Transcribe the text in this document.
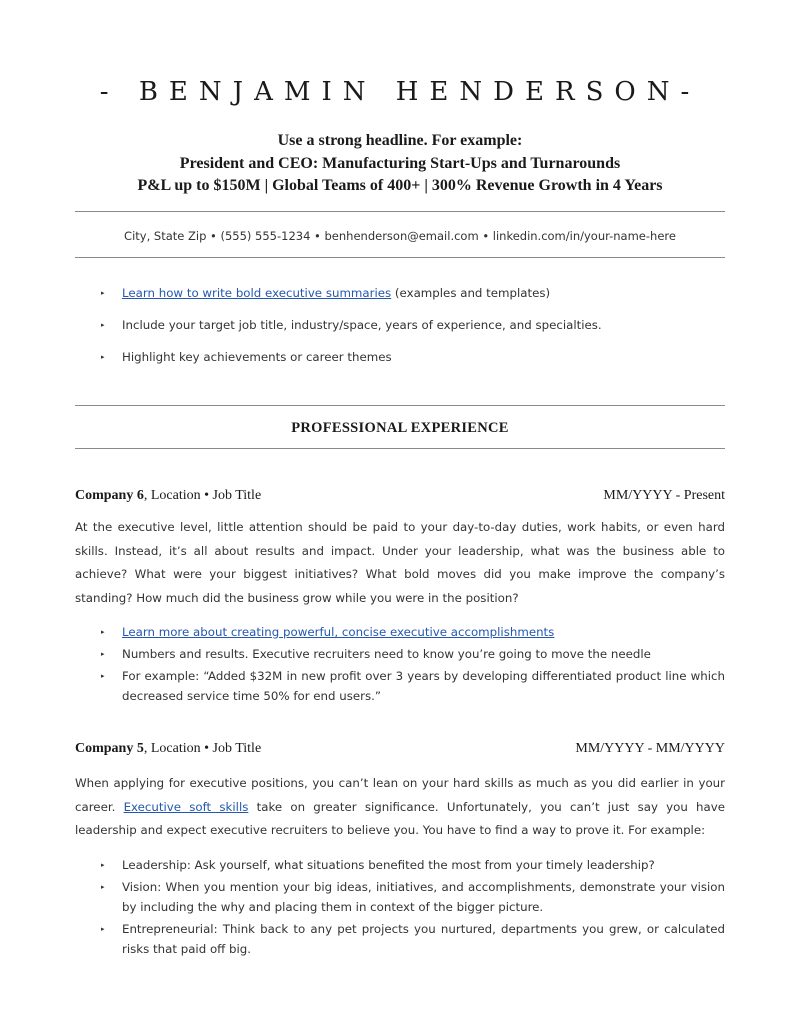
- BENJAMIN HENDERSON-
Use a strong headline. For example:
President and CEO: Manufacturing Start-Ups and Turnarounds
P&L up to $150M | Global Teams of 400+ | 300% Revenue Growth in 4 Years
City, State Zip • (555) 555-1234 • benhenderson@email.com • linkedin.com/in/your-name-here
▸ Learn how to write bold executive summaries (examples and templates)
▸ Include your target job title, industry/space, years of experience, and specialties.
▸ Highlight key achievements or career themes
PROFESSIONAL EXPERIENCE
Company 6, Location • Job Title	MM/YYYY - Present

At the executive level, little attention should be paid to your day-to-day duties, work habits, or even hard skills. Instead, it’s all about results and impact. Under your leadership, what was the business able to achieve? What were your biggest initiatives? What bold moves did you make improve the company’s standing? How much did the business grow while you were in the position?

▸ Learn more about creating powerful, concise executive accomplishments
▸ Numbers and results. Executive recruiters need to know you’re going to move the needle
▸ For example: “Added $32M in new profit over 3 years by developing differentiated product line which decreased service time 50% for end users.”
Company 5, Location • Job Title	MM/YYYY - MM/YYYY

When applying for executive positions, you can’t lean on your hard skills as much as you did earlier in your career. Executive soft skills take on greater significance. Unfortunately, you can’t just say you have leadership and expect executive recruiters to believe you. You have to find a way to prove it. For example:

▸ Leadership: Ask yourself, what situations benefited the most from your timely leadership?
▸ Vision: When you mention your big ideas, initiatives, and accomplishments, demonstrate your vision by including the why and placing them in context of the bigger picture.
▸ Entrepreneurial: Think back to any pet projects you nurtured, departments you grew, or calculated risks that paid off big.
